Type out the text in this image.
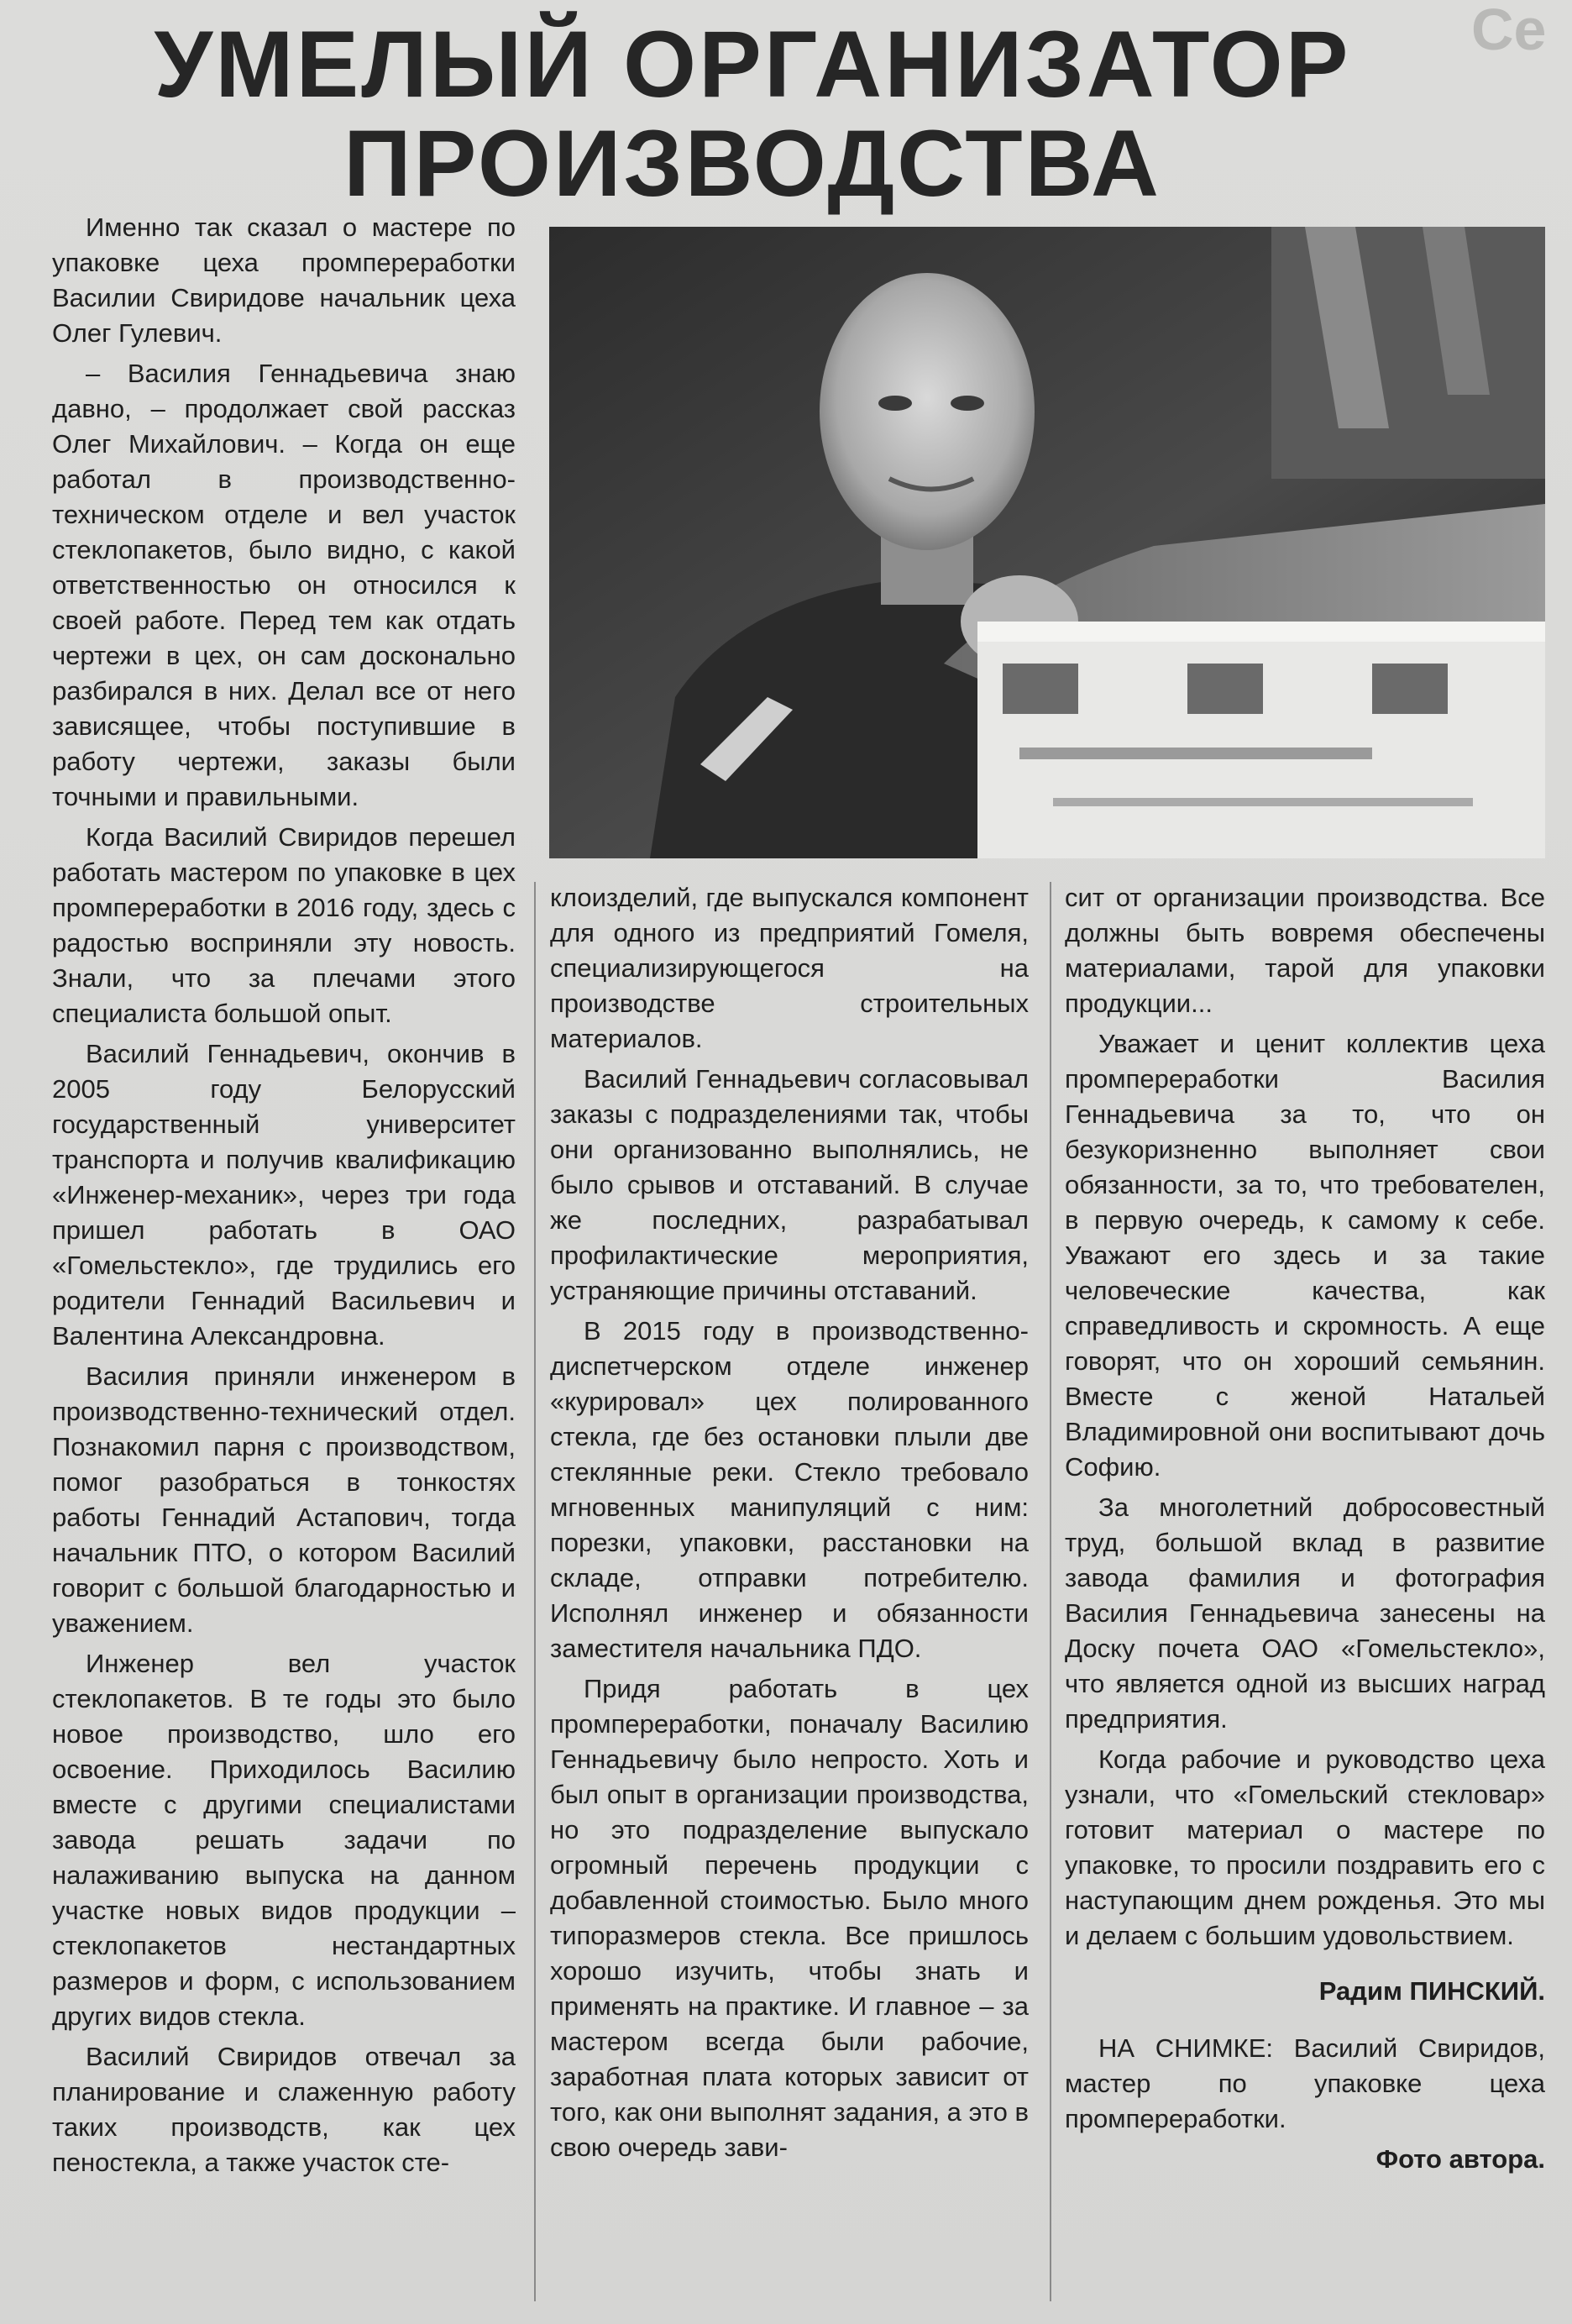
Се
УМЕЛЫЙ ОРГАНИЗАТОР
ПРОИЗВОДСТВА

Именно так сказал о мастере по упаковке цеха промпереработки Василии Свиридове начальник цеха Олег Гулевич.

– Василия Геннадьевича знаю давно, – продолжает свой рассказ Олег Михайлович. – Когда он еще работал в производственно-техническом отделе и вел участок стеклопакетов, было видно, с какой ответственностью он относился к своей работе. Перед тем как отдать чертежи в цех, он сам досконально разбирался в них. Делал все от него зависящее, чтобы поступившие в работу чертежи, заказы были точными и правильными.

Когда Василий Свиридов перешел работать мастером по упаковке в цех промпереработки в 2016 году, здесь с радостью восприняли эту новость. Знали, что за плечами этого специалиста большой опыт.

Василий Геннадьевич, окончив в 2005 году Белорусский государственный университет транспорта и получив квалификацию «Инженер-механик», через три года пришел работать в ОАО «Гомельстекло», где трудились его родители Геннадий Васильевич и Валентина Александровна.

Василия приняли инженером в производственно-технический отдел. Познакомил парня с производством, помог разобраться в тонкостях работы Геннадий Астапович, тогда начальник ПТО, о котором Василий говорит с большой благодарностью и уважением.

Инженер вел участок стеклопакетов. В те годы это было новое производство, шло его освоение. Приходилось Василию вместе с другими специалистами завода решать задачи по налаживанию выпуска на данном участке новых видов продукции – стеклопакетов нестандартных размеров и форм, с использованием других видов стекла.

Василий Свиридов отвечал за планирование и слаженную работу таких производств, как цех пеностекла, а также участок сте-

клоизделий, где выпускался компонент для одного из предприятий Гомеля, специализирующегося на производстве строительных материалов.

Василий Геннадьевич согласовывал заказы с подразделениями так, чтобы они организованно выполнялись, не было срывов и отставаний. В случае же последних, разрабатывал профилактические мероприятия, устраняющие причины отставаний.

В 2015 году в производственно-диспетчерском отделе инженер «курировал» цех полированного стекла, где без остановки плыли две стеклянные реки. Стекло требовало мгновенных манипуляций с ним: порезки, упаковки, расстановки на складе, отправки потребителю. Исполнял инженер и обязанности заместителя начальника ПДО.

Придя работать в цех промпереработки, поначалу Василию Геннадьевичу было непросто. Хоть и был опыт в организации производства, но это подразделение выпускало огромный перечень продукции с добавленной стоимостью. Было много типоразмеров стекла. Все пришлось хорошо изучить, чтобы знать и применять на практике. И главное – за мастером всегда были рабочие, заработная плата которых зависит от того, как они выполнят задания, а это в свою очередь зави-

сит от организации производства. Все должны быть вовремя обеспечены материалами, тарой для упаковки продукции...

Уважает и ценит коллектив цеха промпереработки Василия Геннадьевича за то, что он безукоризненно выполняет свои обязанности, за то, что требователен, в первую очередь, к самому к себе. Уважают его здесь и за такие человеческие качества, как справедливость и скромность. А еще говорят, что он хороший семьянин. Вместе с женой Натальей Владимировной они воспитывают дочь Софию.

За многолетний добросовестный труд, большой вклад в развитие завода фамилия и фотография Василия Геннадьевича занесены на Доску почета ОАО «Гомельстекло», что является одной из высших наград предприятия.

Когда рабочие и руководство цеха узнали, что «Гомельский стекловар» готовит материал о мастере по упаковке, то просили поздравить его с наступающим днем рожденья. Это мы и делаем с большим удовольствием.

Радим ПИНСКИЙ.

НА СНИМКЕ: Василий Свиридов, мастер по упаковке цеха промпереработки.

Фото автора.
